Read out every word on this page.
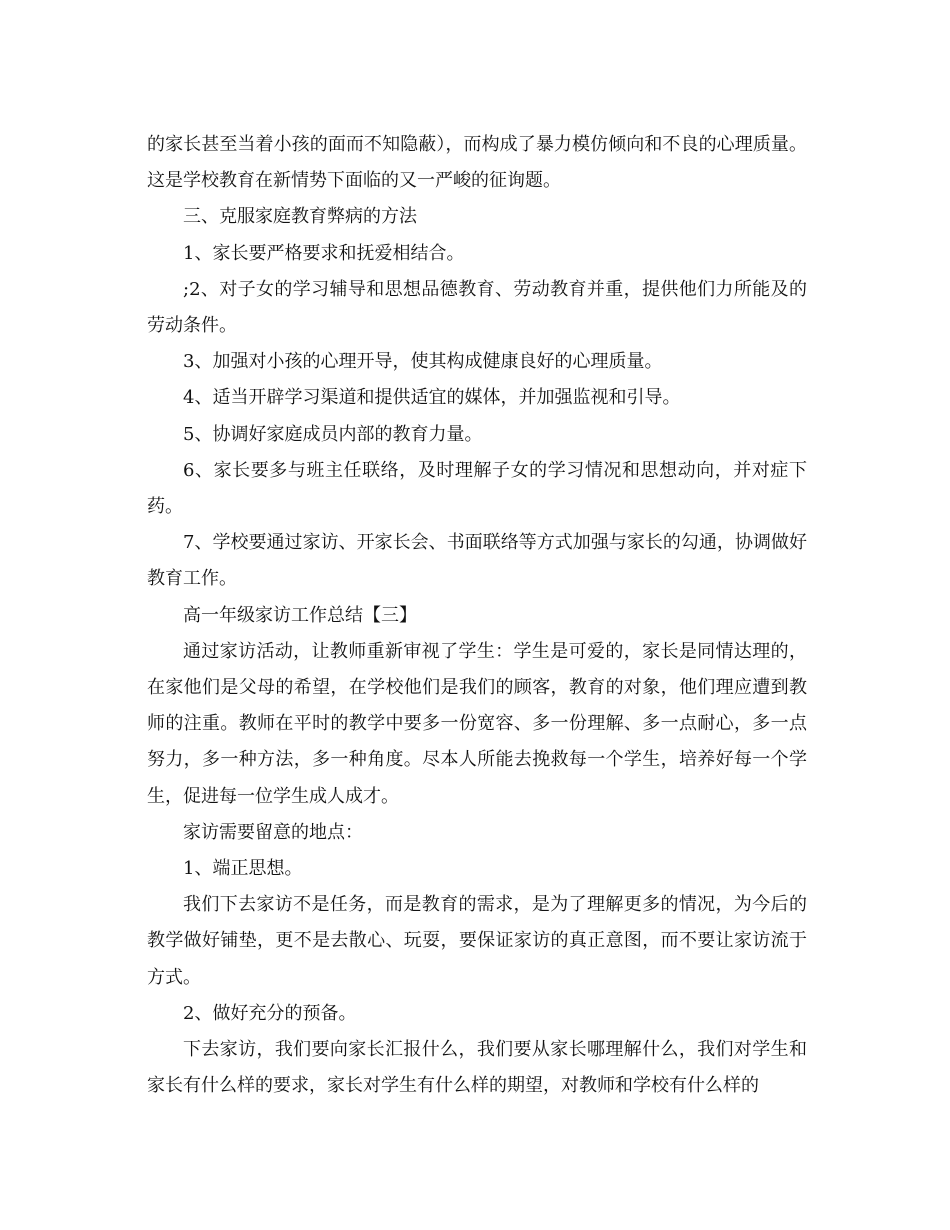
的家长甚至当着小孩的面而不知隐蔽），而构成了暴力模仿倾向和不良的心理质量。这是学校教育在新情势下面临的又一严峻的征询题。

三、克服家庭教育弊病的方法

1、家长要严格要求和抚爱相结合。

;2、对子女的学习辅导和思想品德教育、劳动教育并重，提供他们力所能及的劳动条件。

3、加强对小孩的心理开导，使其构成健康良好的心理质量。

4、适当开辟学习渠道和提供适宜的媒体，并加强监视和引导。

5、协调好家庭成员内部的教育力量。

6、家长要多与班主任联络，及时理解子女的学习情况和思想动向，并对症下药。

7、学校要通过家访、开家长会、书面联络等方式加强与家长的勾通，协调做好教育工作。

高一年级家访工作总结【三】

通过家访活动，让教师重新审视了学生：学生是可爱的，家长是同情达理的，在家他们是父母的希望，在学校他们是我们的顾客，教育的对象，他们理应遭到教师的注重。教师在平时的教学中要多一份宽容、多一份理解、多一点耐心，多一点努力，多一种方法，多一种角度。尽本人所能去挽救每一个学生，培养好每一个学生，促进每一位学生成人成才。

家访需要留意的地点：

1、端正思想。

我们下去家访不是任务，而是教育的需求，是为了理解更多的情况，为今后的教学做好铺垫，更不是去散心、玩耍，要保证家访的真正意图，而不要让家访流于方式。

2、做好充分的预备。

下去家访，我们要向家长汇报什么，我们要从家长哪理解什么，我们对学生和家长有什么样的要求，家长对学生有什么样的期望，对教师和学校有什么样的
